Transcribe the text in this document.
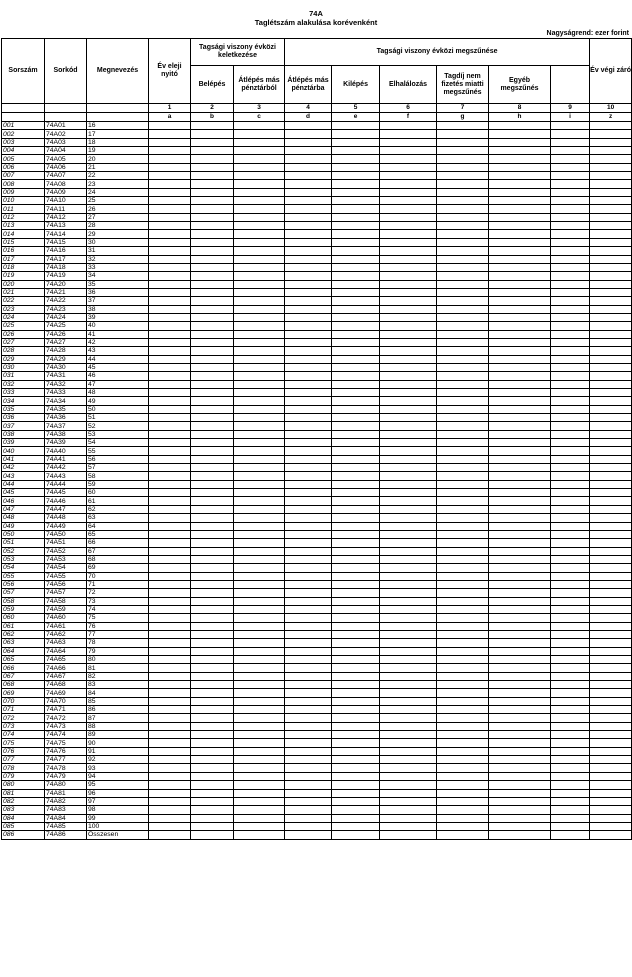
74A
Taglétszám alakulása korévenként
Nagyságrend: ezer forint
Sorszám	Sorkód	Megnevezés	Év eleji nyitó	Tagsági viszony évközi keletkezése		Tagsági viszony évközi megszűnése						Év végi záró	
				Belépés	Átlépés más pénztárból	Átlépés más pénztárba	Kilépés	Elhalálozás	Tagdíj nem fizetés miatti megszűnés	Egyéb megszűnés			
			1	2	3	4	5	6	7	8	9	10	
			a	b	c	d	e	f	g	h	i	z	
001	74A01	16											
002	74A02	17											
003	74A03	18											
004	74A04	19											
005	74A05	20											
006	74A06	21											
007	74A07	22											
008	74A08	23											
009	74A09	24											
010	74A10	25											
011	74A11	26											
012	74A12	27											
013	74A13	28											
014	74A14	29											
015	74A15	30											
016	74A16	31											
017	74A17	32											
018	74A18	33											
019	74A19	34											
020	74A20	35											
021	74A21	36											
022	74A22	37											
023	74A23	38											
024	74A24	39											
025	74A25	40											
026	74A26	41											
027	74A27	42											
028	74A28	43											
029	74A29	44											
030	74A30	45											
031	74A31	46											
032	74A32	47											
033	74A33	48											
034	74A34	49											
035	74A35	50											
036	74A36	51											
037	74A37	52											
038	74A38	53											
039	74A39	54											
040	74A40	55											
041	74A41	56											
042	74A42	57											
043	74A43	58											
044	74A44	59											
045	74A45	60											
046	74A46	61											
047	74A47	62											
048	74A48	63											
049	74A49	64											
050	74A50	65											
051	74A51	66											
052	74A52	67											
053	74A53	68											
054	74A54	69											
055	74A55	70											
056	74A56	71											
057	74A57	72											
058	74A58	73											
059	74A59	74											
060	74A60	75											
061	74A61	76											
062	74A62	77											
063	74A63	78											
064	74A64	79											
065	74A65	80											
066	74A66	81											
067	74A67	82											
068	74A68	83											
069	74A69	84											
070	74A70	85											
071	74A71	86											
072	74A72	87											
073	74A73	88											
074	74A74	89											
075	74A75	90											
076	74A76	91											
077	74A77	92											
078	74A78	93											
079	74A79	94											
080	74A80	95											
081	74A81	96											
082	74A82	97											
083	74A83	98											
084	74A84	99											
085	74A85	100											
086	74A86	Összesen											
